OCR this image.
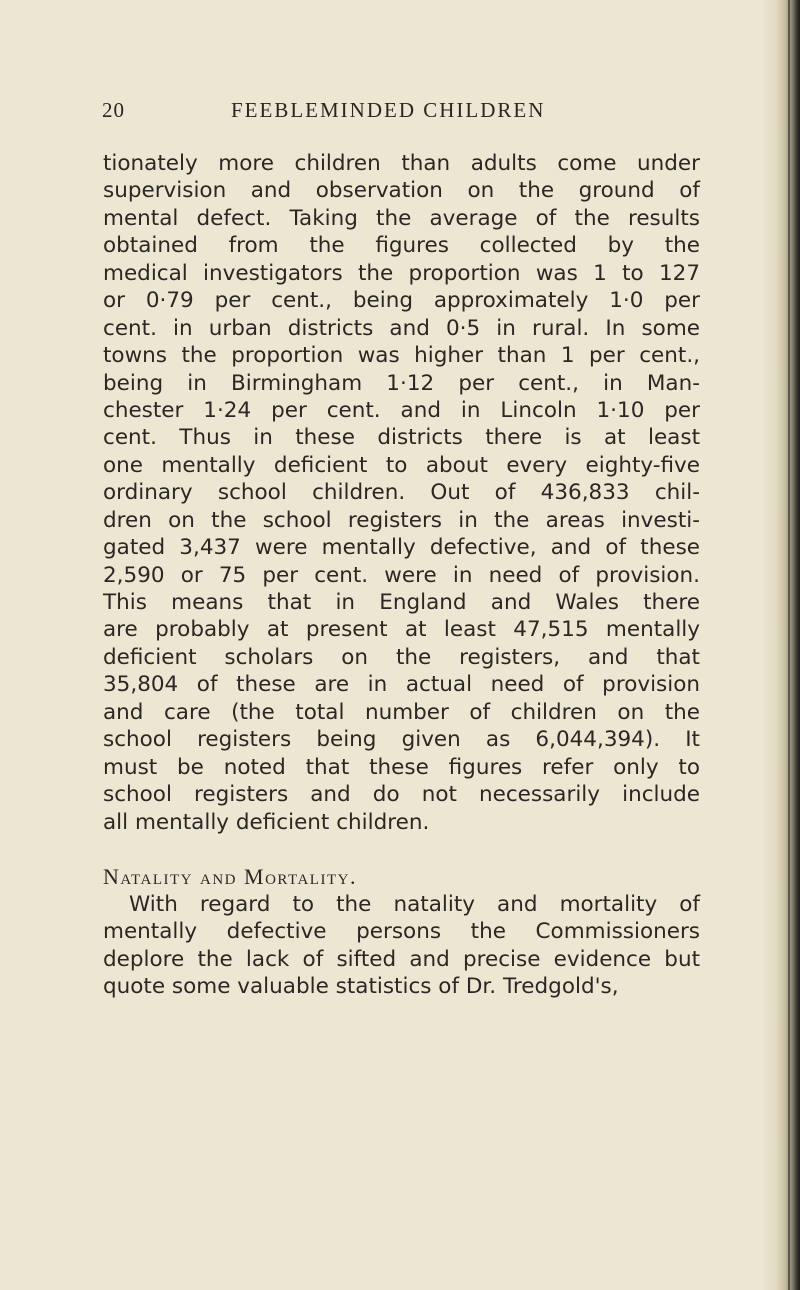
20	FEEBLEMINDED CHILDREN
tionately more children than adults come under
supervision and observation on the ground of
mental defect. Taking the average of the results
obtained from the figures collected by the
medical investigators the proportion was 1 to 127
or 0·79 per cent., being approximately 1·0 per
cent. in urban districts and 0·5 in rural. In some
towns the proportion was higher than 1 per cent.,
being in Birmingham 1·12 per cent., in Man-
chester 1·24 per cent. and in Lincoln 1·10 per
cent. Thus in these districts there is at least
one mentally deficient to about every eighty-five
ordinary school children. Out of 436,833 chil-
dren on the school registers in the areas investi-
gated 3,437 were mentally defective, and of these
2,590 or 75 per cent. were in need of provision.
This means that in England and Wales there
are probably at present at least 47,515 mentally
deficient scholars on the registers, and that
35,804 of these are in actual need of provision
and care (the total number of children on the
school registers being given as 6,044,394). It
must be noted that these figures refer only to
school registers and do not necessarily include
all mentally deficient children.
Natality and Mortality.
With regard to the natality and mortality of
mentally defective persons the Commissioners
deplore the lack of sifted and precise evidence but
quote some valuable statistics of Dr. Tredgold's,
